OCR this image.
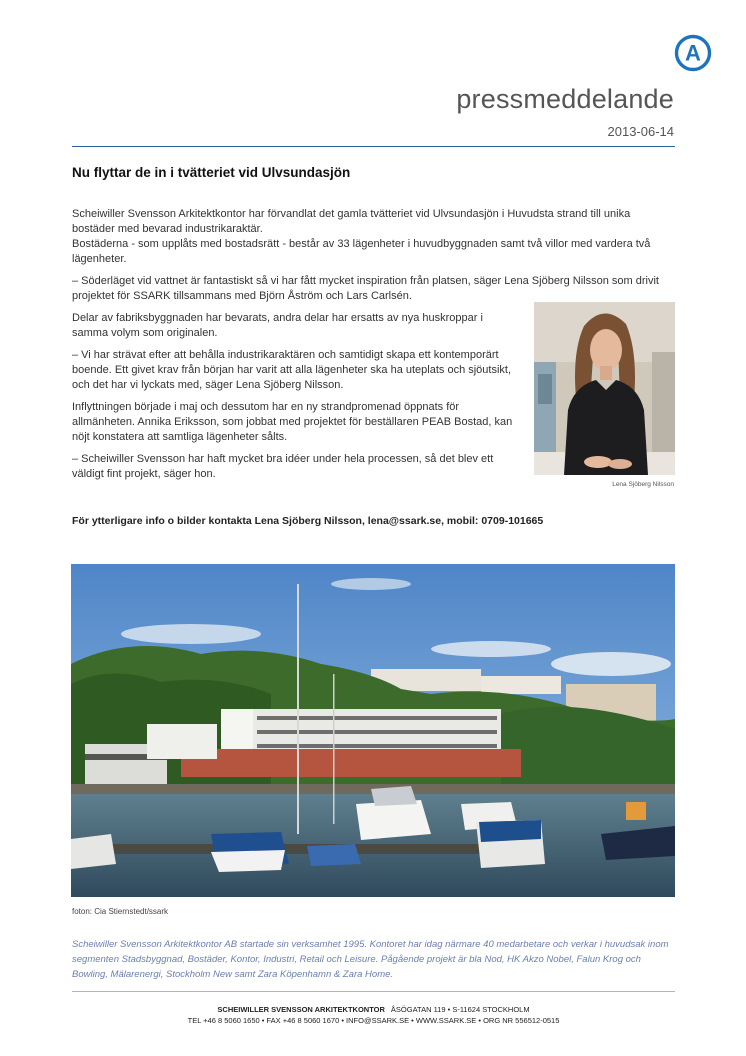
A
pressmeddelande
2013-06-14
Nu flyttar de in i tvätteriet vid Ulvsundasjön

Scheiwiller Svensson Arkitektkontor har förvandlat det gamla tvätteriet vid Ulvsundasjön i Huvudsta strand till unika bostäder med bevarad industrikaraktär.
Bostäderna - som upplåts med bostadsrätt - består av 33 lägenheter i huvudbyggnaden samt två villor med vardera två lägenheter.

– Söderläget vid vattnet är fantastiskt så vi har fått mycket inspiration från platsen, säger Lena Sjöberg Nilsson som drivit projektet för SSARK tillsammans med Björn Åström och Lars Carlsén.

Delar av fabriksbyggnaden har bevarats, andra delar har ersatts av nya huskroppar i samma volym som originalen.

– Vi har strävat efter att behålla industrikaraktären och samtidigt skapa ett kontemporärt boende. Ett givet krav från början har varit att alla lägenheter ska ha uteplats och sjöutsikt, och det har vi lyckats med, säger Lena Sjöberg Nilsson.

Inflyttningen började i maj och dessutom har en ny strandpromenad öppnats för allmänheten. Annika Eriksson, som jobbat med projektet för beställaren PEAB Bostad, kan nöjt konstatera att samtliga lägenheter sålts.

– Scheiwiller Svensson har haft mycket bra idéer under hela processen, så det blev ett väldigt fint projekt, säger hon.

Lena Sjöberg Nilsson
För ytterligare info o bilder kontakta Lena Sjöberg Nilsson, lena@ssark.se, mobil: 0709-101665
foton: Cia Stiernstedt/ssark

Scheiwiller Svensson Arkitektkontor AB startade sin verksamhet 1995. Kontoret har idag närmare 40 medarbetare och verkar i huvudsak inom segmenten Stadsbyggnad, Bostäder, Kontor, Industri, Retail och Leisure. Pågående projekt är bla Nod, HK Akzo Nobel, Falun Krog och Bowling, Mälarenergi, Stockholm New samt Zara Köpenhamn & Zara Home.

SCHEIWILLER SVENSSON ARKITEKTKONTOR ÅSÖGATAN 119 • S-11624 STOCKHOLM
TEL +46 8 5060 1650 • FAX +46 8 5060 1670 • INFO@SSARK.SE • WWW.SSARK.SE • ORG NR 556512-0515
